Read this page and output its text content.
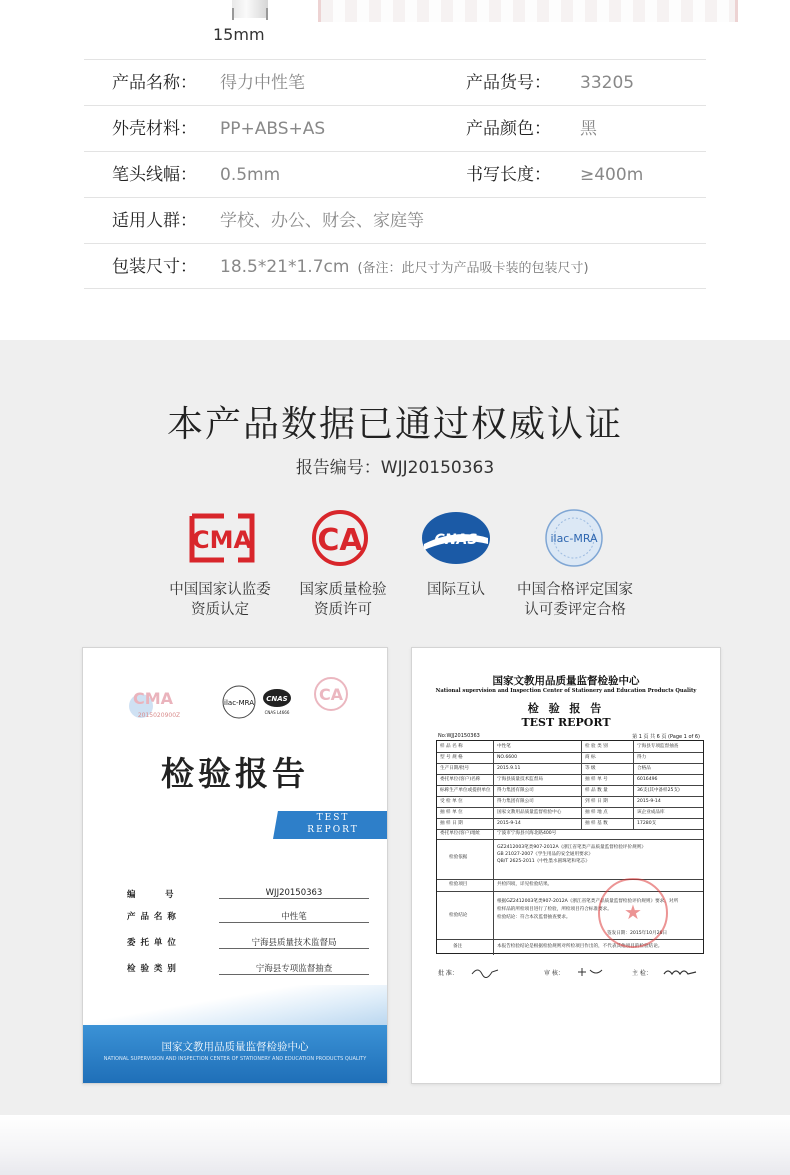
15mm
产品名称： 得力中性笔	产品货号： 33205
外壳材料： PP+ABS+AS	产品颜色： 黑
笔头线幅： 0.5mm	书写长度： ≥400m
适用人群： 学校、办公、财会、家庭等
包装尺寸： 18.5*21*1.7cm (备注：此尺寸为产品吸卡装的包装尺寸)
本产品数据已通过权威认证
报告编号：WJJ20150363
CMA
中国国家认监委
资质认定
CA
国家质量检验
资质许可
CNAS
国际互认
ilac-MRA
中国合格评定国家
认可委评定合格
CMA
2015020900Z
ilac-MRA CNAS
CNAS L4666
CA
检验报告
TEST
REPORT
编　　　号	WJJ20150363
产 品 名 称	中性笔
委 托 单 位	宁海县质量技术监督局
检 验 类 别	宁海县专项监督抽查
国家文教用品质量监督检验中心
NATIONAL SUPERVISION AND INSPECTION CENTER OF STATIONERY AND EDUCATION PRODUCTS QUALITY
国家文教用品质量监督检验中心
National supervision and Inspection Center of Stationery and Education Products Quality
检 验 报 告
TEST REPORT
No:WJJ20150363	第 1 页 共 6 页 (Page 1 of 6)
样 品 名 称	中性笔	检 验 类 别	宁海县专项监督抽查
型 号 规 格	NO.6600	商 标	得力
生产日期/批号	2015.9.11	等 级	合格品
委托单位(客户)名称	宁海县质量技术监督局	抽 样 单 号	6016496
标称生产单位或提供单位 得力集团有限公司	样 品 数 量	36支(其中备样25支)
受 检 单 位	得力集团有限公司	到 样 日 期	2015-9-14
抽 样 单 位	国家文教用品质量监督检验中心	抽 样 地 点	该企业成品库
抽 样 日 期	2015-9-14	抽 样 基 数	17280支
委托单位(客户)地址	宁波市宁海县兴海北路400号
检验依据
GZ2412003笔类907-2012A《浙江省笔类产品质量监督检验评价规则》
GB 21027-2007《学生用品的安全通用要求》
QB/T 2625-2011《中性墨水圆珠笔和笔芯》
检验项目	共检四项，详见检验结果。
检验结论
根据GZ2412003笔类907-2012A《浙江省笔类产品质量监督检验评价规则》要求，对所
检样品的所检项目进行了检验，所检项目符合标准要求。
检验结论：符合本次监督抽查要求。
签发日期：2015年10月28日
备注	本报告检验结论是根据检验规则对所检项目作出的，不代表其他项目的检验结论。
★
批 准：	审 核：	主 检：
